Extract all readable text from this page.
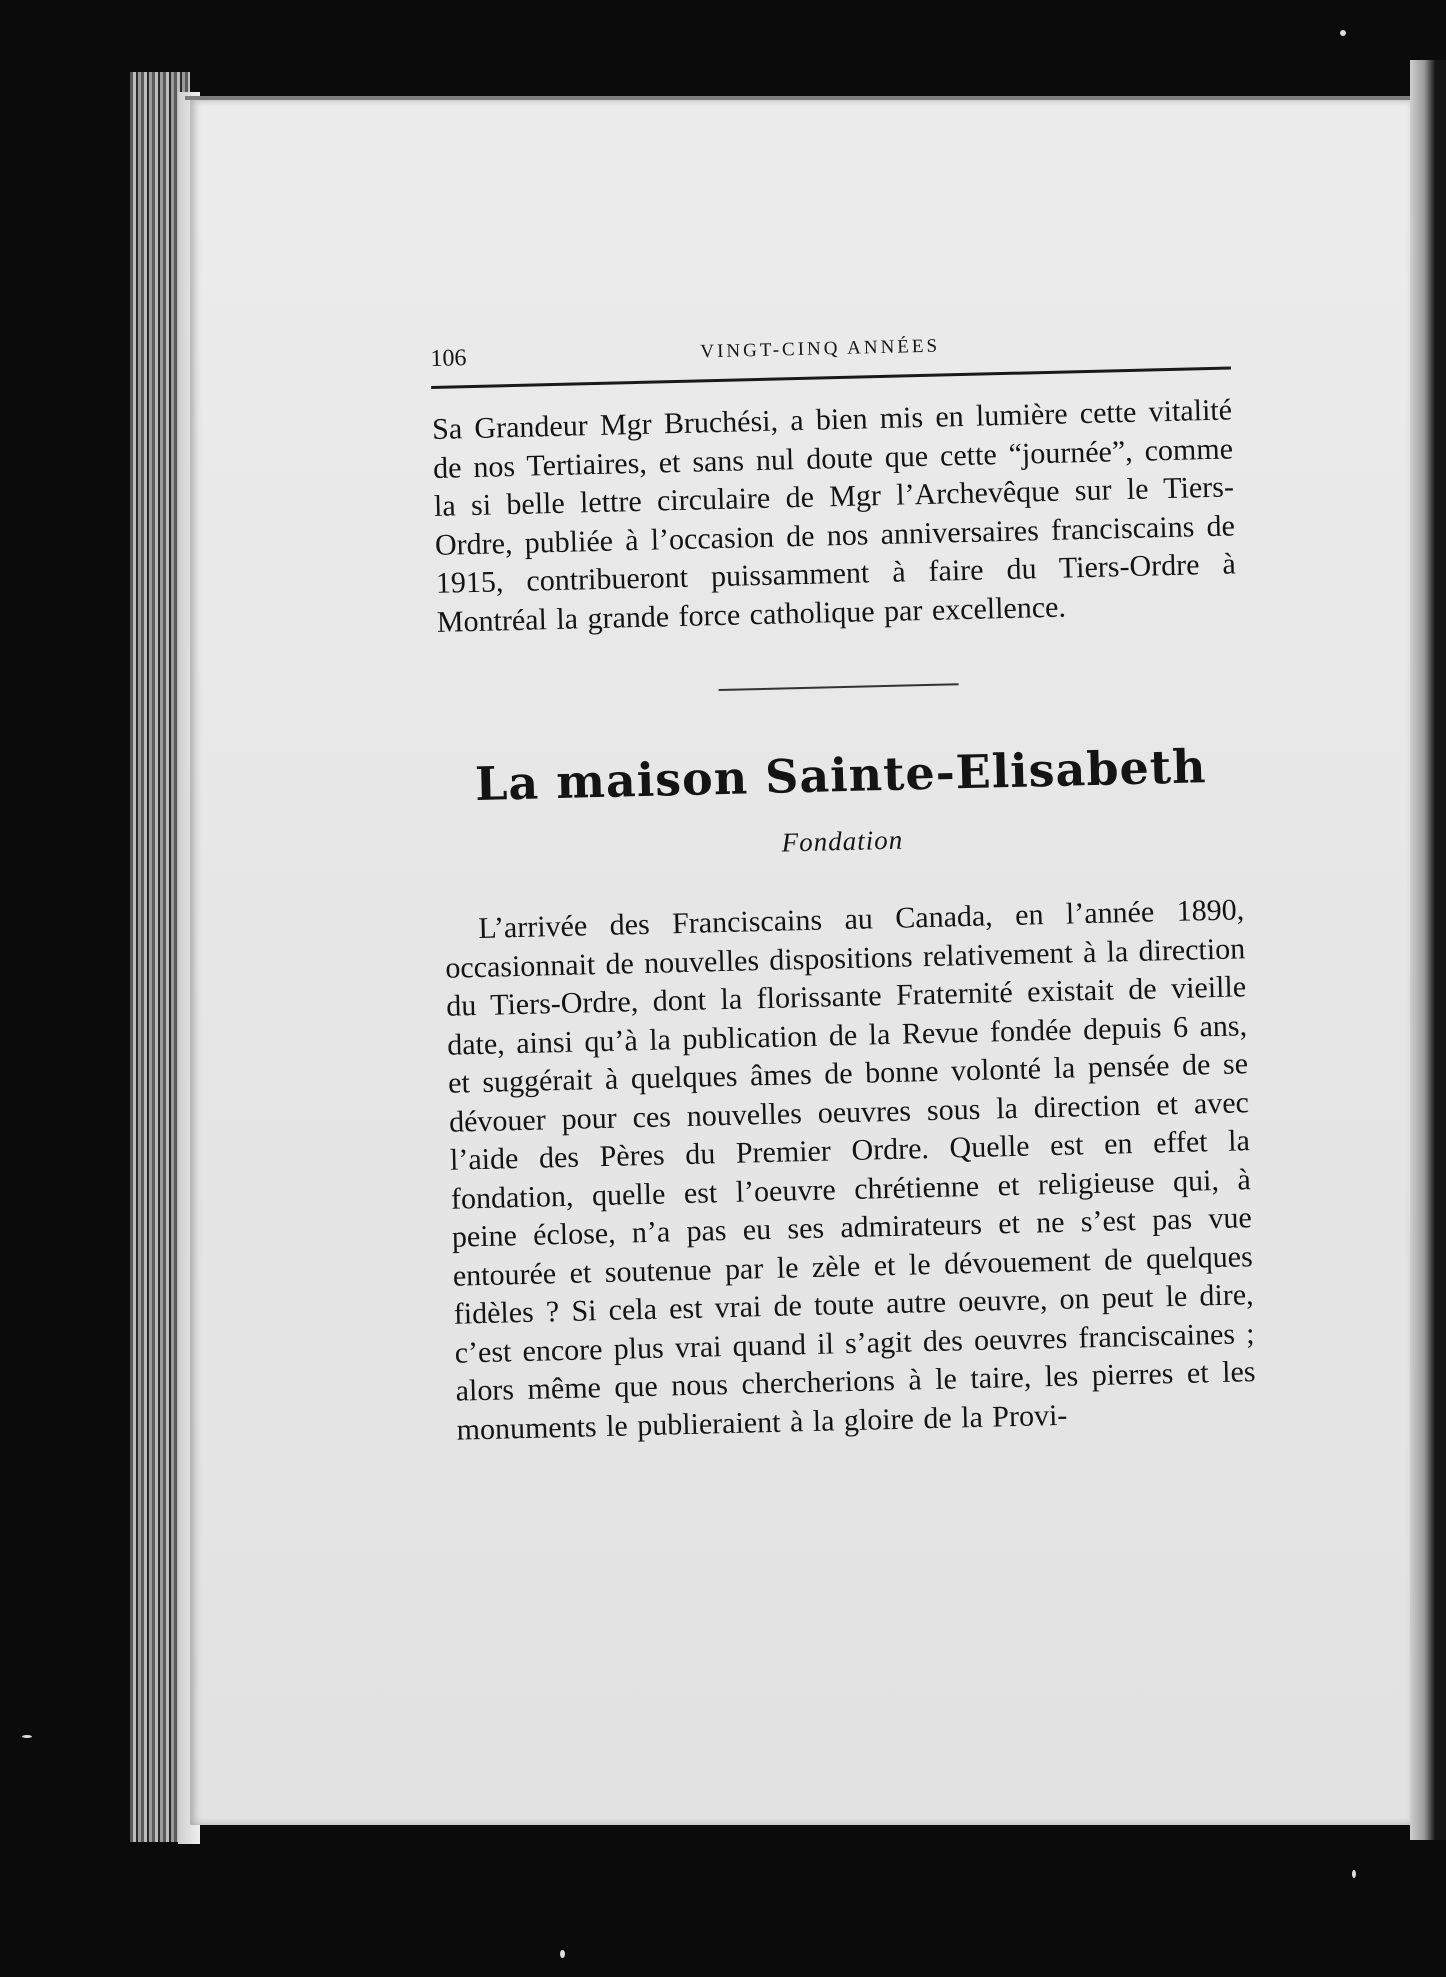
106	VINGT-CINQ ANNÉES

Sa Grandeur Mgr Bruchési, a bien mis en lumière cette vitalité de nos Tertiaires, et sans nul doute que cette “journée”, comme la si belle lettre circulaire de Mgr l’Archevêque sur le Tiers-Ordre, publiée à l’occasion de nos anniversaires franciscains de 1915, contribueront puissamment à faire du Tiers-Ordre à Montréal la grande force catholique par excellence.

La maison Sainte-Elisabeth

Fondation

L’arrivée des Franciscains au Canada, en l’année 1890, occasionnait de nouvelles dispositions relativement à la direction du Tiers-Ordre, dont la florissante Fraternité existait de vieille date, ainsi qu’à la publication de la Revue fondée depuis 6 ans, et suggérait à quelques âmes de bonne volonté la pensée de se dévouer pour ces nouvelles oeuvres sous la direction et avec l’aide des Pères du Premier Ordre. Quelle est en effet la fondation, quelle est l’oeuvre chrétienne et religieuse qui, à peine éclose, n’a pas eu ses admirateurs et ne s’est pas vue entourée et soutenue par le zèle et le dévouement de quelques fidèles ? Si cela est vrai de toute autre oeuvre, on peut le dire, c’est encore plus vrai quand il s’agit des oeuvres franciscaines ; alors même que nous chercherions à le taire, les pierres et les monuments le publieraient à la gloire de la Provi-
